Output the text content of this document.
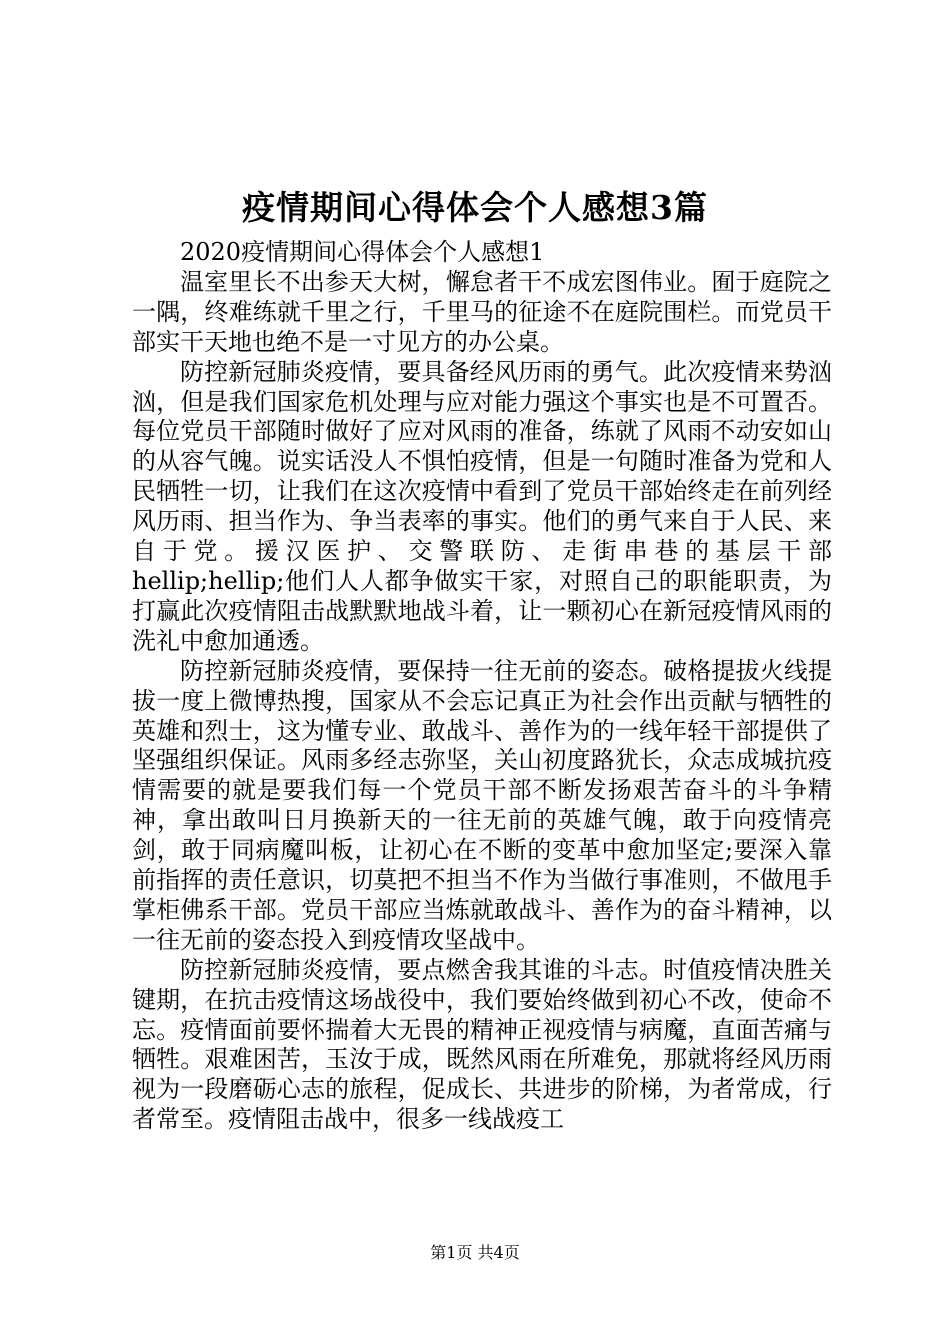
疫情期间心得体会个人感想3篇
2020疫情期间心得体会个人感想1

温室里长不出参天大树，懈怠者干不成宏图伟业。囿于庭院之一隅，终难练就千里之行，千里马的征途不在庭院围栏。而党员干部实干天地也绝不是一寸见方的办公桌。

防控新冠肺炎疫情，要具备经风历雨的勇气。此次疫情来势汹汹，但是我们国家危机处理与应对能力强这个事实也是不可置否。每位党员干部随时做好了应对风雨的准备，练就了风雨不动安如山的从容气魄。说实话没人不惧怕疫情，但是一句随时准备为党和人民牺牲一切，让我们在这次疫情中看到了党员干部始终走在前列经风历雨、担当作为、争当表率的事实。他们的勇气来自于人民、来自于党。援汉医护、交警联防、走街串巷的基层干部hellip;hellip;他们人人都争做实干家，对照自己的职能职责，为打赢此次疫情阻击战默默地战斗着，让一颗初心在新冠疫情风雨的洗礼中愈加通透。

防控新冠肺炎疫情，要保持一往无前的姿态。破格提拔火线提拔一度上微博热搜，国家从不会忘记真正为社会作出贡献与牺牲的英雄和烈士，这为懂专业、敢战斗、善作为的一线年轻干部提供了坚强组织保证。风雨多经志弥坚，关山初度路犹长，众志成城抗疫情需要的就是要我们每一个党员干部不断发扬艰苦奋斗的斗争精神，拿出敢叫日月换新天的一往无前的英雄气魄，敢于向疫情亮剑，敢于同病魔叫板，让初心在不断的变革中愈加坚定;要深入靠前指挥的责任意识，切莫把不担当不作为当做行事准则，不做甩手掌柜佛系干部。党员干部应当炼就敢战斗、善作为的奋斗精神，以一往无前的姿态投入到疫情攻坚战中。

防控新冠肺炎疫情，要点燃舍我其谁的斗志。时值疫情决胜关键期，在抗击疫情这场战役中，我们要始终做到初心不改，使命不忘。疫情面前要怀揣着大无畏的精神正视疫情与病魔，直面苦痛与牺牲。艰难困苦，玉汝于成，既然风雨在所难免，那就将经风历雨视为一段磨砺心志的旅程，促成长、共进步的阶梯，为者常成，行者常至。疫情阻击战中，很多一线战疫工

第1页 共4页
